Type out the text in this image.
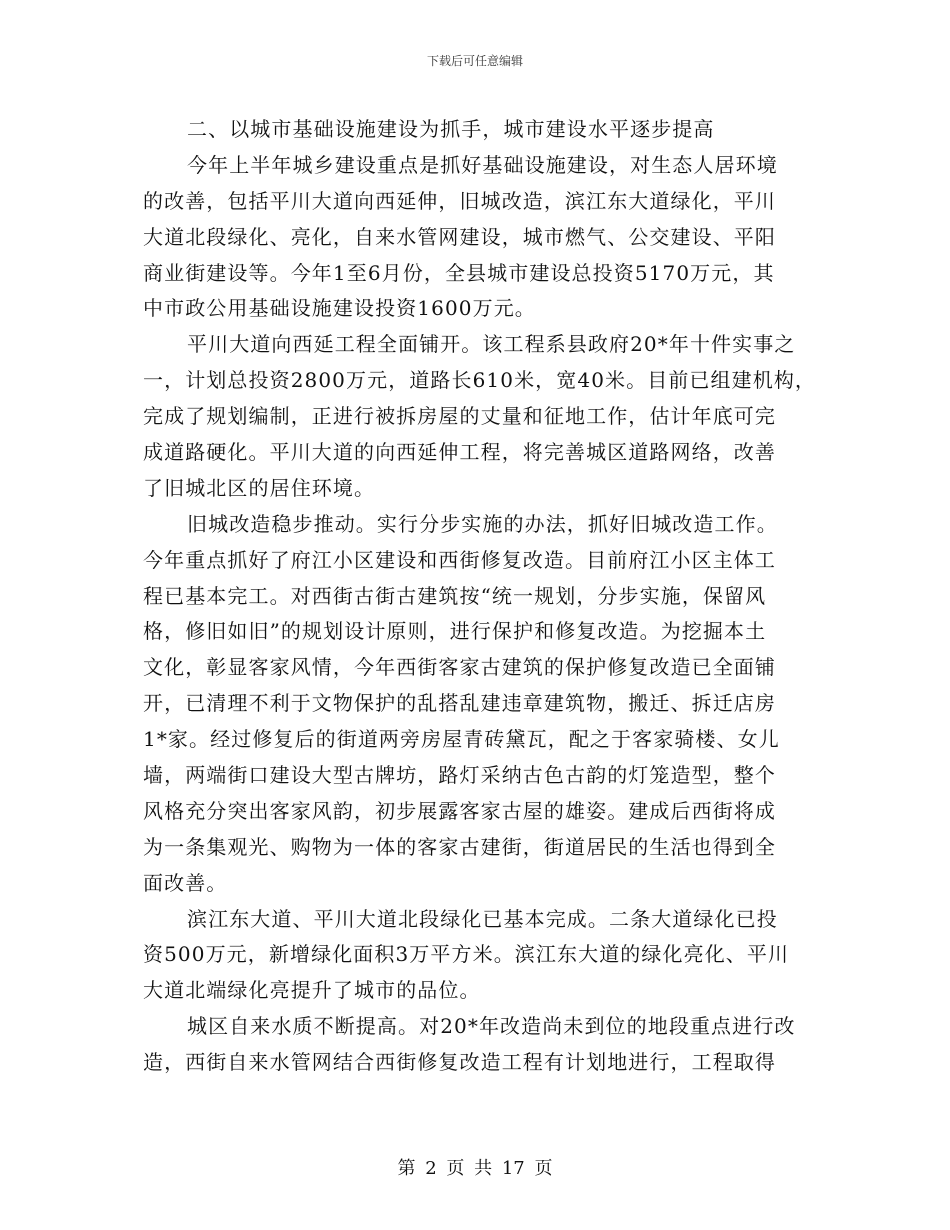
下载后可任意编辑
二、以城市基础设施建设为抓手，城市建设水平逐步提高
今年上半年城乡建设重点是抓好基础设施建设，对生态人居环境
的改善，包括平川大道向西延伸，旧城改造，滨江东大道绿化，平川
大道北段绿化、亮化，自来水管网建设，城市燃气、公交建设、平阳
商业街建设等。今年1至6月份，全县城市建设总投资5170万元，其
中市政公用基础设施建设投资1600万元。
平川大道向西延工程全面铺开。该工程系县政府20*年十件实事之
一，计划总投资2800万元，道路长610米，宽40米。目前已组建机构，
完成了规划编制，正进行被拆房屋的丈量和征地工作，估计年底可完
成道路硬化。平川大道的向西延伸工程，将完善城区道路网络，改善
了旧城北区的居住环境。
旧城改造稳步推动。实行分步实施的办法，抓好旧城改造工作。
今年重点抓好了府江小区建设和西街修复改造。目前府江小区主体工
程已基本完工。对西街古街古建筑按“统一规划，分步实施，保留风
格，修旧如旧”的规划设计原则，进行保护和修复改造。为挖掘本土
文化，彰显客家风情，今年西街客家古建筑的保护修复改造已全面铺
开，已清理不利于文物保护的乱搭乱建违章建筑物，搬迁、拆迁店房
1*家。经过修复后的街道两旁房屋青砖黛瓦，配之于客家骑楼、女儿
墙，两端街口建设大型古牌坊，路灯采纳古色古韵的灯笼造型，整个
风格充分突出客家风韵，初步展露客家古屋的雄姿。建成后西街将成
为一条集观光、购物为一体的客家古建街，街道居民的生活也得到全
面改善。
滨江东大道、平川大道北段绿化已基本完成。二条大道绿化已投
资500万元，新增绿化面积3万平方米。滨江东大道的绿化亮化、平川
大道北端绿化亮提升了城市的品位。
城区自来水质不断提高。对20*年改造尚未到位的地段重点进行改
造，西街自来水管网结合西街修复改造工程有计划地进行，工程取得
第 2 页 共 17 页
